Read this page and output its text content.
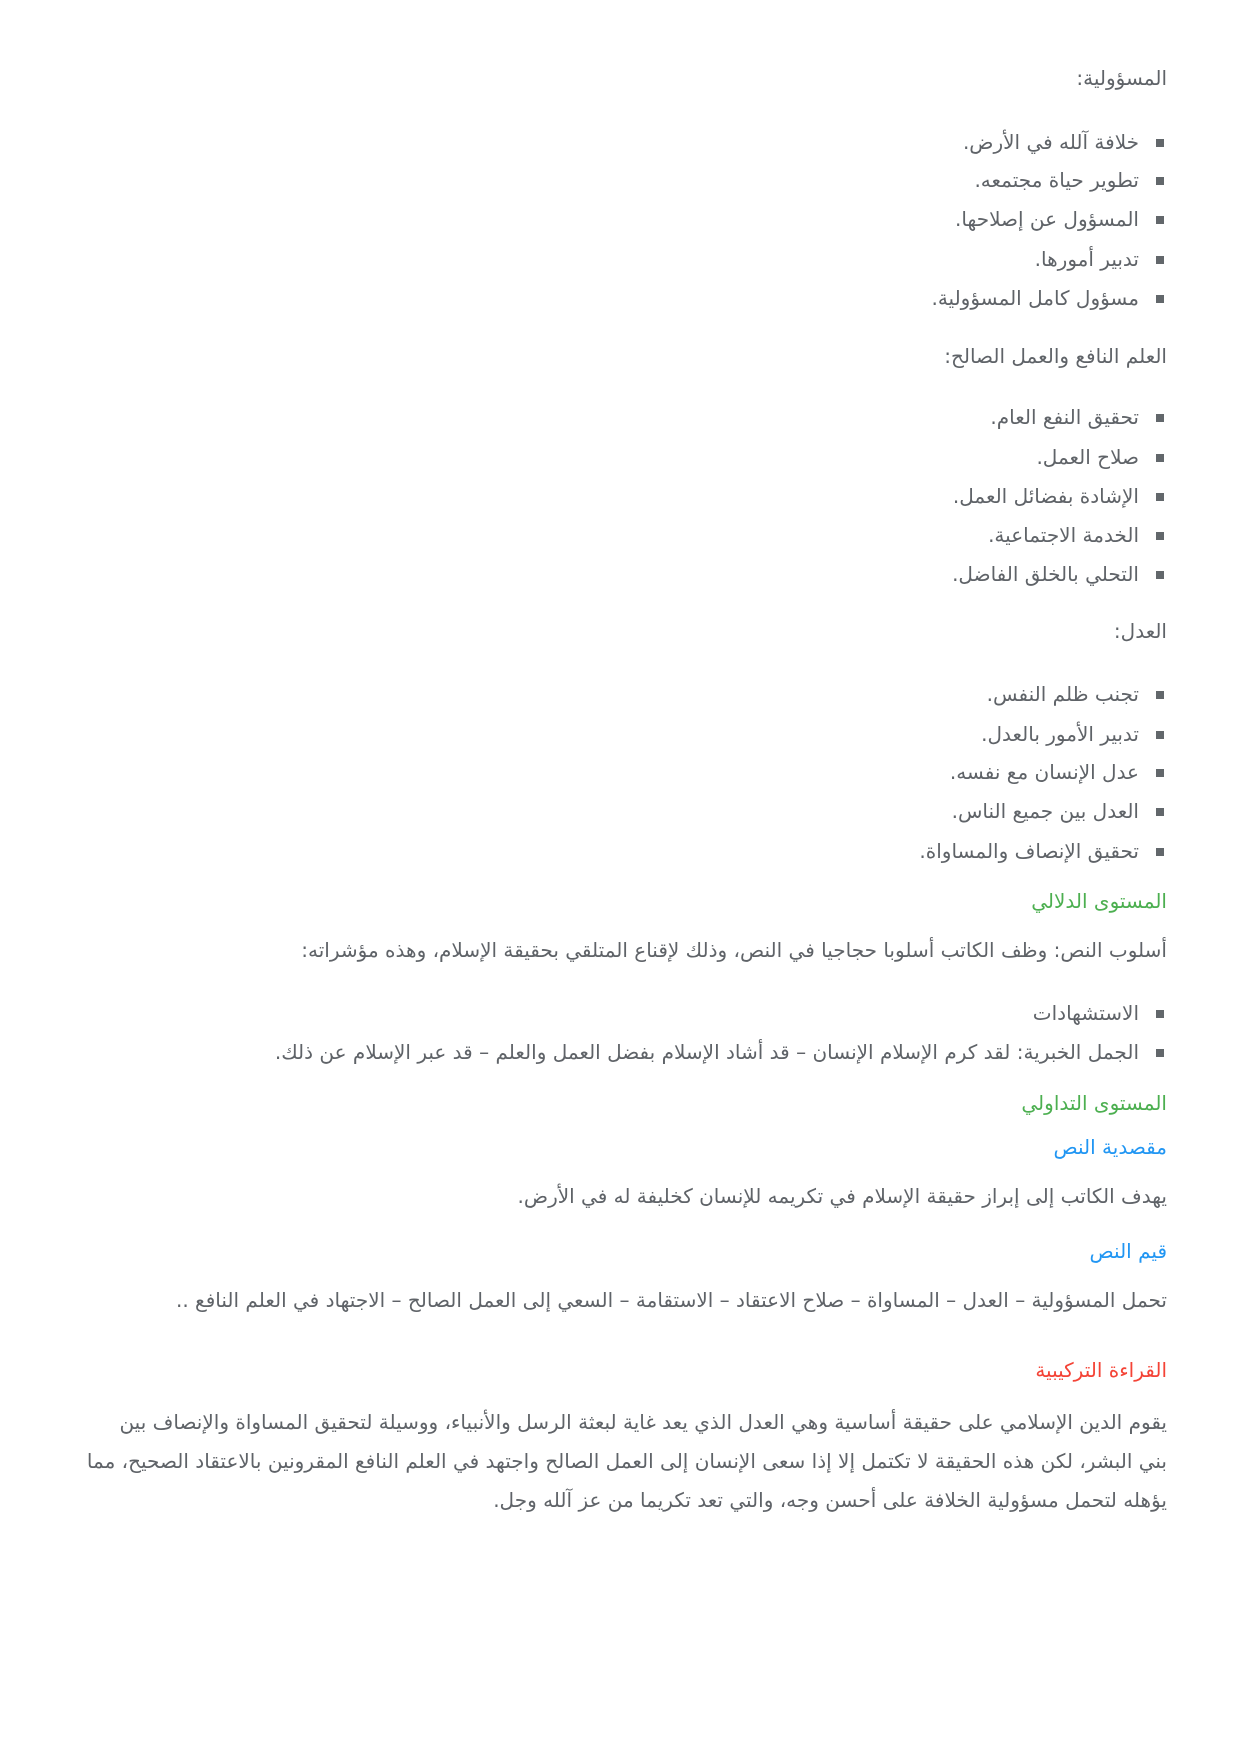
المسؤولية:
خلافة آلله في الأرض.
تطوير حياة مجتمعه.
المسؤول عن إصلاحها.
تدبير أمورها.
مسؤول كامل المسؤولية.
العلم النافع والعمل الصالح:
تحقيق النفع العام.
صلاح العمل.
الإشادة بفضائل العمل.
الخدمة الاجتماعية.
التحلي بالخلق الفاضل.
العدل:
تجنب ظلم النفس.
تدبير الأمور بالعدل.
عدل الإنسان مع نفسه.
العدل بين جميع الناس.
تحقيق الإنصاف والمساواة.
المستوى الدلالي
أسلوب النص: وظف الكاتب أسلوبا حجاجيا في النص، وذلك لإقناع المتلقي بحقيقة الإسلام، وهذه مؤشراته:
الاستشهادات
الجمل الخبرية: لقد كرم الإسلام الإنسان – قد أشاد الإسلام بفضل العمل والعلم – قد عبر الإسلام عن ذلك.
المستوى التداولي
مقصدية النص
يهدف الكاتب إلى إبراز حقيقة الإسلام في تكريمه للإنسان كخليفة له في الأرض.
قيم النص
تحمل المسؤولية – العدل – المساواة – صلاح الاعتقاد – الاستقامة – السعي إلى العمل الصالح – الاجتهاد في العلم النافع ..
القراءة التركيبية
يقوم الدين الإسلامي على حقيقة أساسية وهي العدل الذي يعد غاية لبعثة الرسل والأنبياء، ووسيلة لتحقيق المساواة والإنصاف بين
بني البشر، لكن هذه الحقيقة لا تكتمل إلا إذا سعى الإنسان إلى العمل الصالح واجتهد في العلم النافع المقرونين بالاعتقاد الصحيح، مما
يؤهله لتحمل مسؤولية الخلافة على أحسن وجه، والتي تعد تكريما من عز آلله وجل.
